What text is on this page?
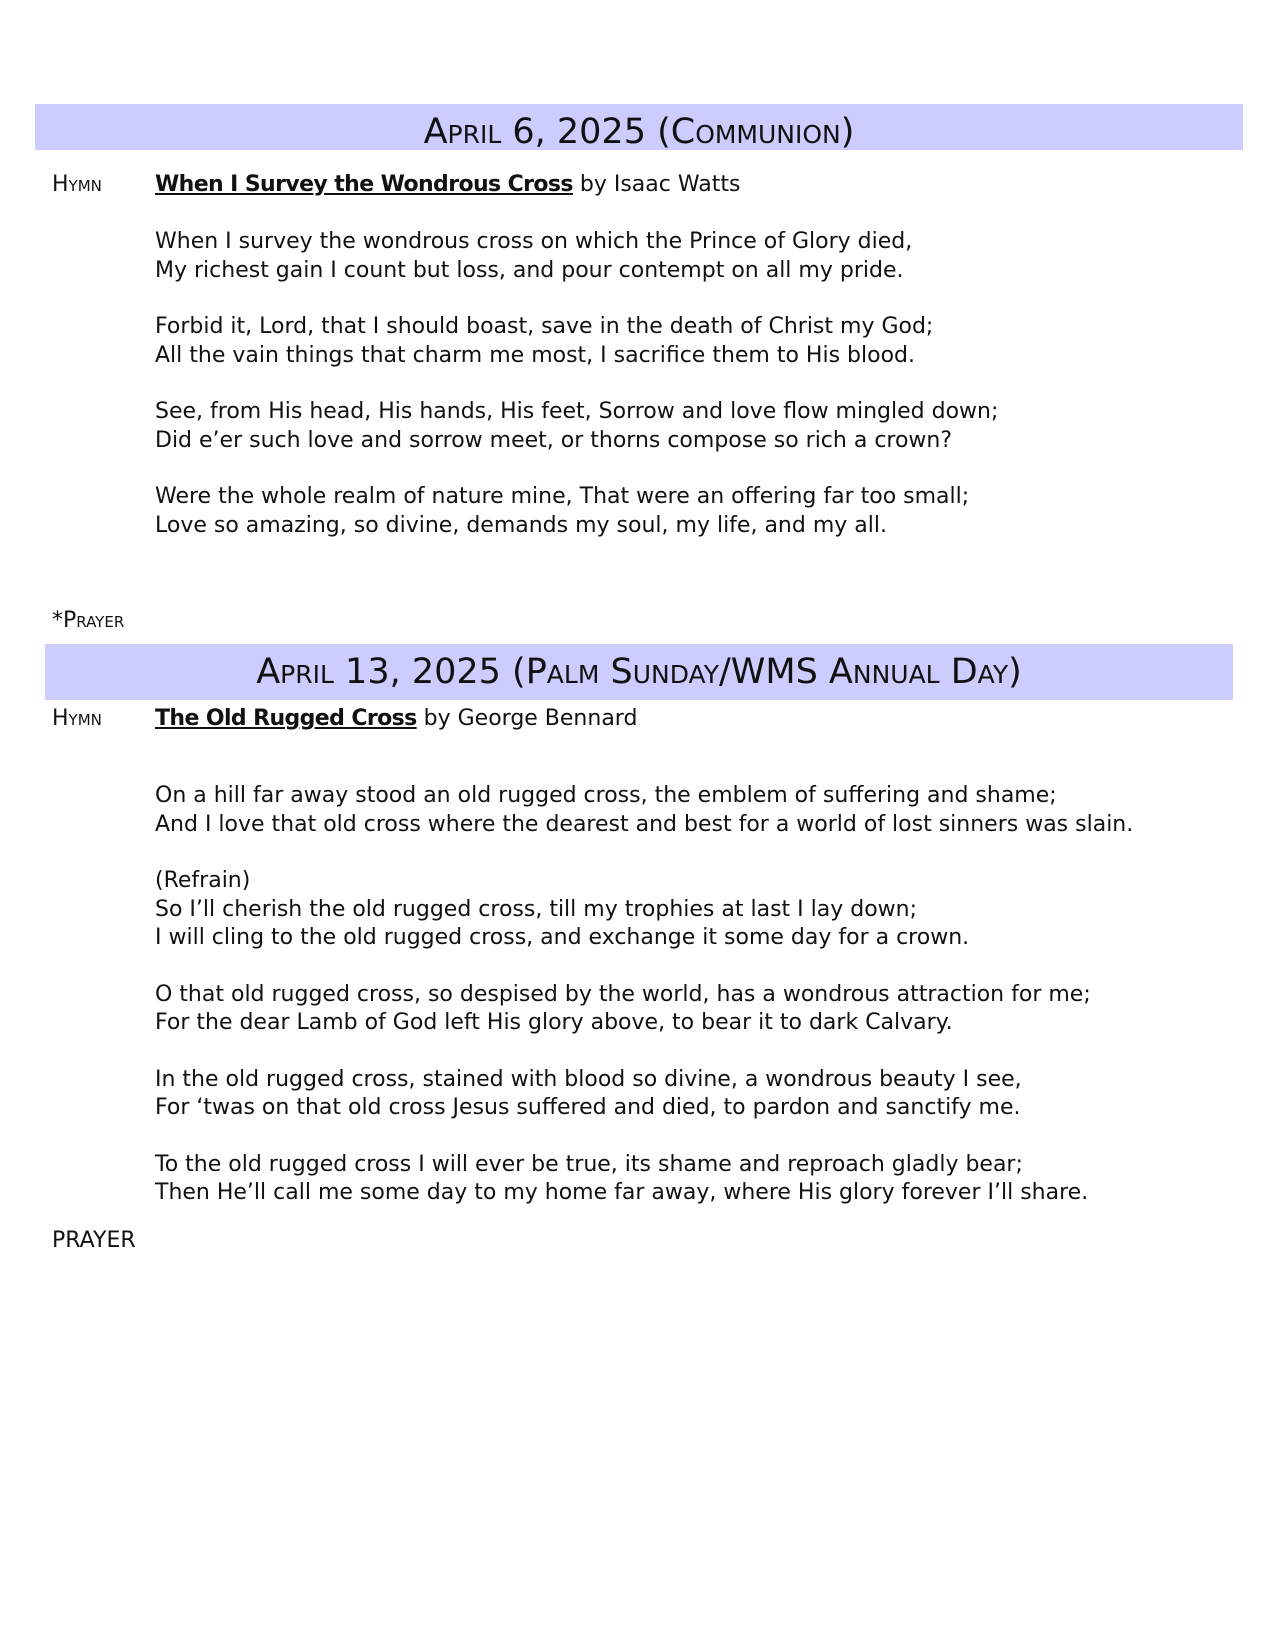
April 6, 2025 (Communion)
Hymn When I Survey the Wondrous Cross by Isaac Watts
When I survey the wondrous cross on which the Prince of Glory died,
My richest gain I count but loss, and pour contempt on all my pride.
Forbid it, Lord, that I should boast, save in the death of Christ my God;
All the vain things that charm me most, I sacrifice them to His blood.
See, from His head, His hands, His feet, Sorrow and love flow mingled down;
Did e’er such love and sorrow meet, or thorns compose so rich a crown?
Were the whole realm of nature mine, That were an offering far too small;
Love so amazing, so divine, demands my soul, my life, and my all.
*Prayer
April 13, 2025 (Palm Sunday/WMS Annual Day)
Hymn The Old Rugged Cross by George Bennard
On a hill far away stood an old rugged cross, the emblem of suffering and shame;
And I love that old cross where the dearest and best for a world of lost sinners was slain.
(Refrain)
So I’ll cherish the old rugged cross, till my trophies at last I lay down;
I will cling to the old rugged cross, and exchange it some day for a crown.
O that old rugged cross, so despised by the world, has a wondrous attraction for me;
For the dear Lamb of God left His glory above, to bear it to dark Calvary.
In the old rugged cross, stained with blood so divine, a wondrous beauty I see,
For ‘twas on that old cross Jesus suffered and died, to pardon and sanctify me.
To the old rugged cross I will ever be true, its shame and reproach gladly bear;
Then He’ll call me some day to my home far away, where His glory forever I’ll share.
PRAYER
